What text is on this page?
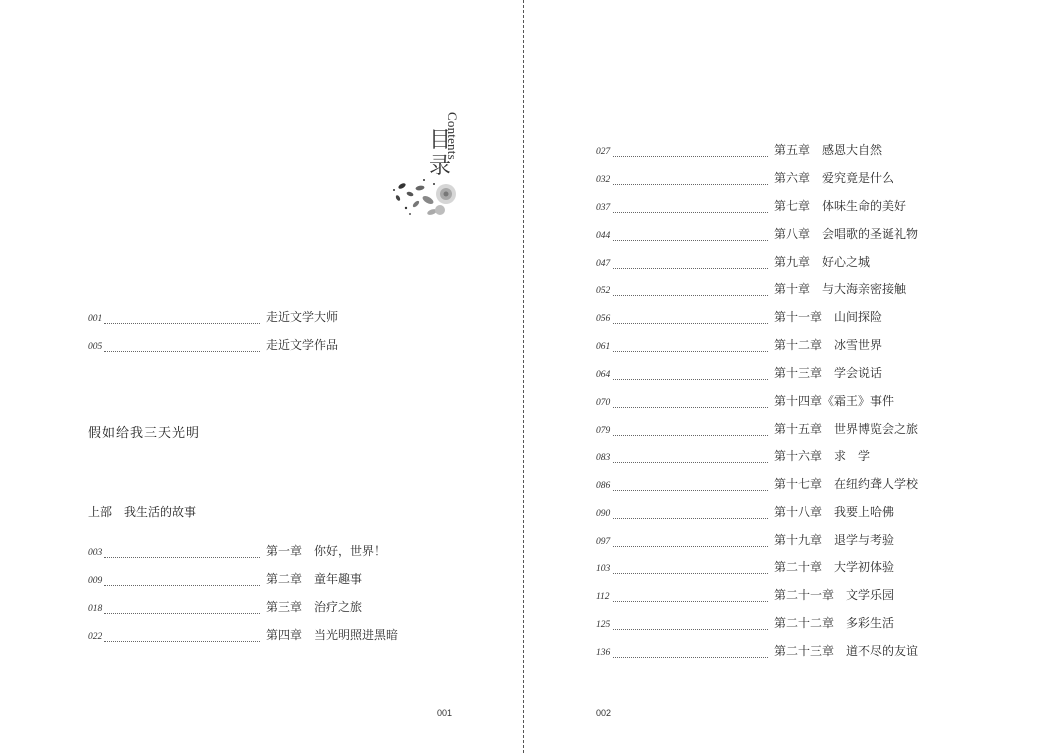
目录
Contents
001	走近文学大师
005	走近文学作品
假如给我三天光明
上部　我生活的故事
003	第一章　你好，世界！
009	第二章　童年趣事
018	第三章　治疗之旅
022	第四章　当光明照进黑暗
001
027	第五章　感恩大自然
032	第六章　爱究竟是什么
037	第七章　体味生命的美好
044	第八章　会唱歌的圣诞礼物
047	第九章　好心之城
052	第十章　与大海亲密接触
056	第十一章　山间探险
061	第十二章　冰雪世界
064	第十三章　学会说话
070	第十四章《霜王》事件
079	第十五章　世界博览会之旅
083	第十六章　求　学
086	第十七章　在纽约聋人学校
090	第十八章　我要上哈佛
097	第十九章　退学与考验
103	第二十章　大学初体验
112	第二十一章　文学乐园
125	第二十二章　多彩生活
136	第二十三章　道不尽的友谊
002
